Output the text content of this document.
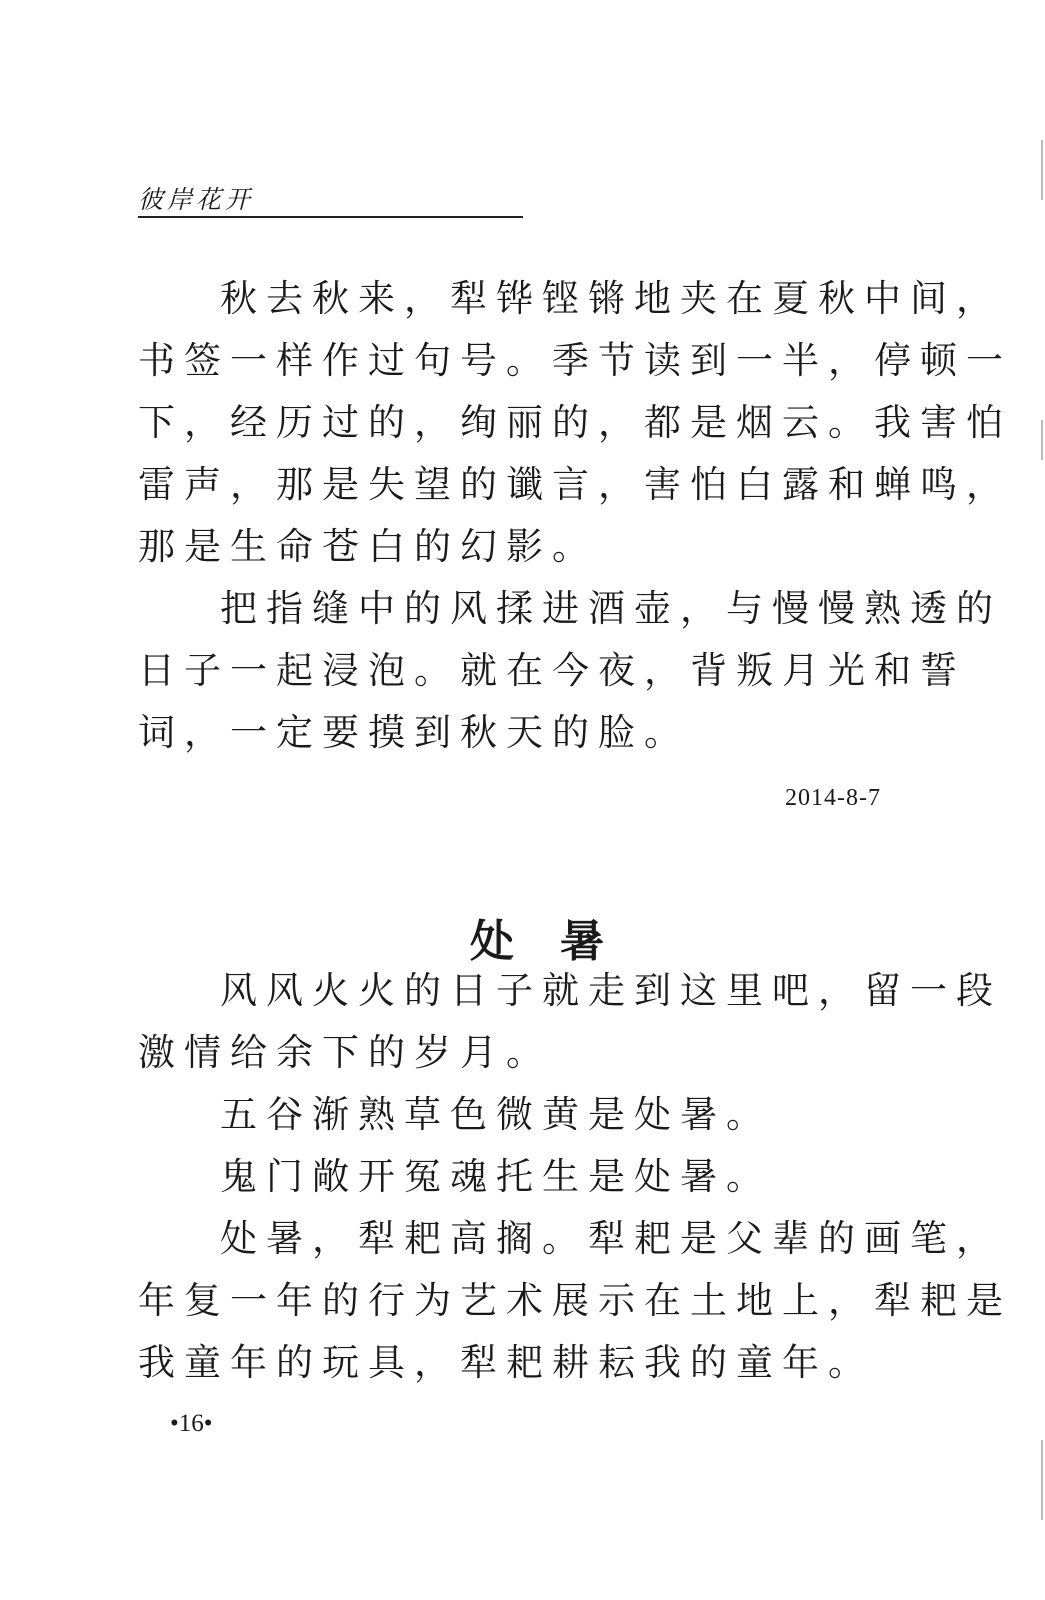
彼岸花开
秋去秋来，犁铧铿锵地夹在夏秋中间，
书签一样作过句号。季节读到一半，停顿一
下，经历过的，绚丽的，都是烟云。我害怕
雷声，那是失望的谶言，害怕白露和蝉鸣，
那是生命苍白的幻影。
把指缝中的风揉进酒壶，与慢慢熟透的
日子一起浸泡。就在今夜，背叛月光和誓
词，一定要摸到秋天的脸。
2014-8-7
处暑
风风火火的日子就走到这里吧，留一段
激情给余下的岁月。
五谷渐熟草色微黄是处暑。
鬼门敞开冤魂托生是处暑。
处暑，犁耙高搁。犁耙是父辈的画笔，
年复一年的行为艺术展示在土地上，犁耙是
我童年的玩具，犁耙耕耘我的童年。
•16•
